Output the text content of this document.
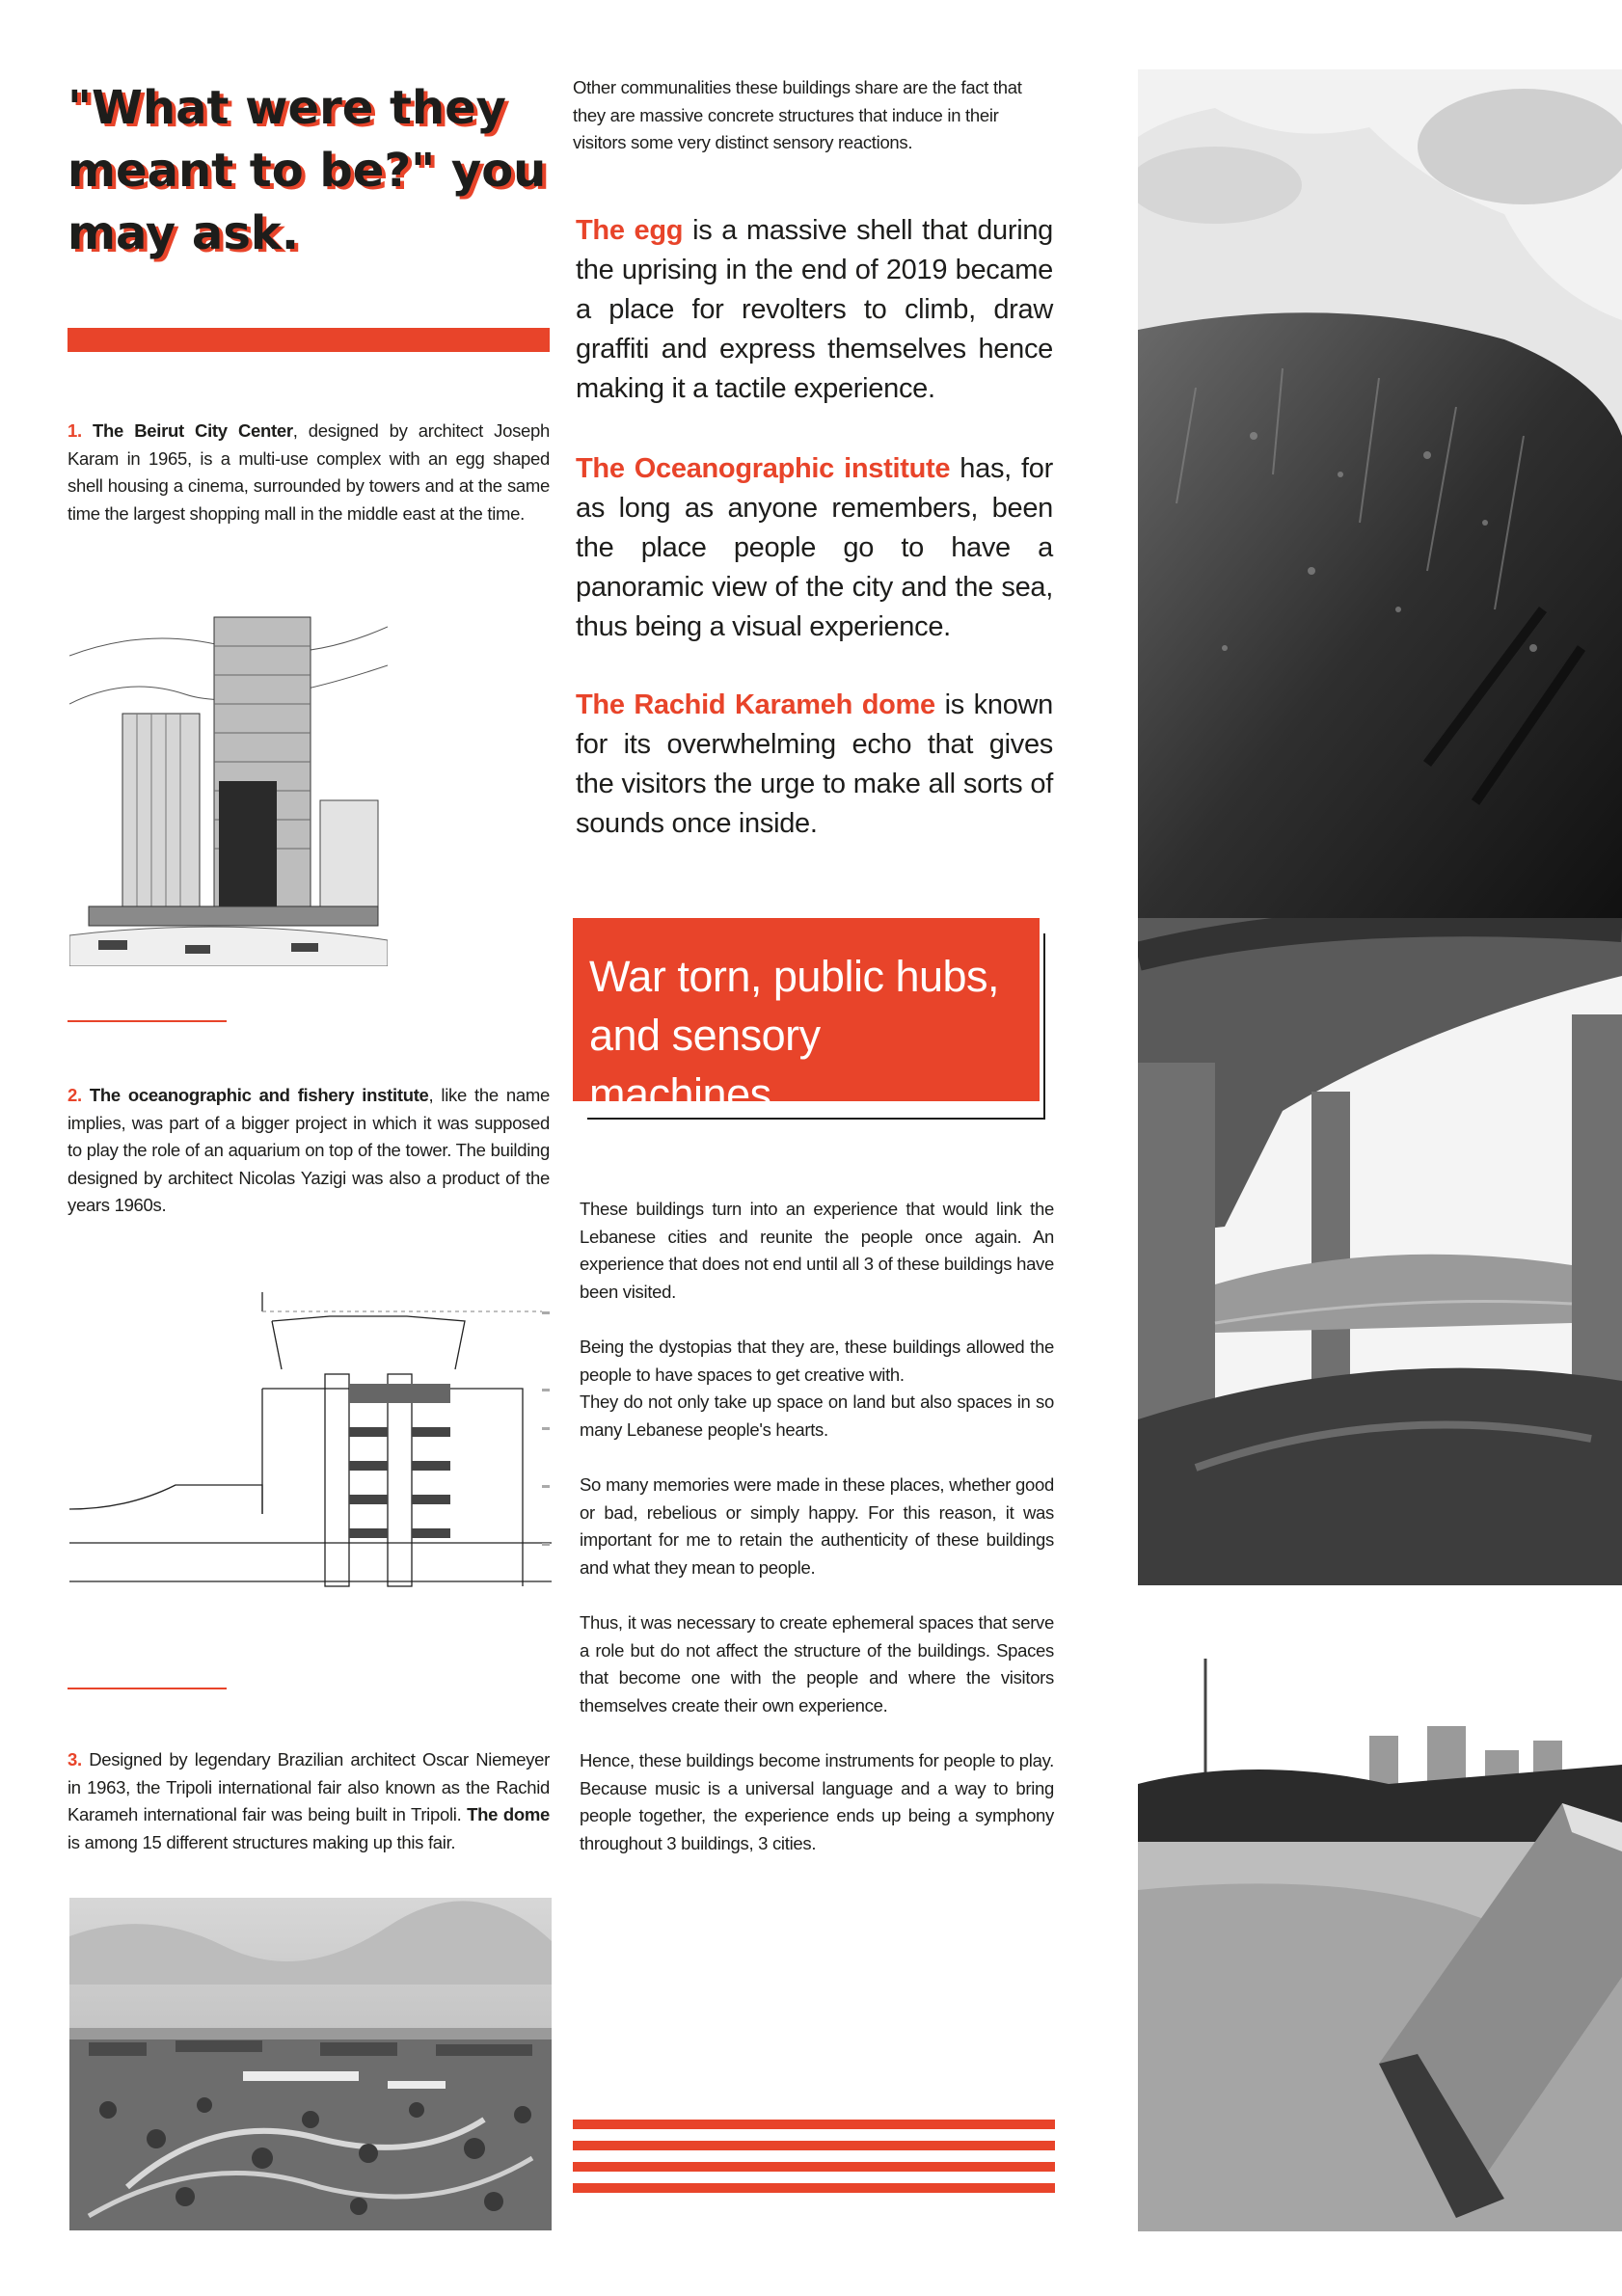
"What were they
meant to be?" you
may ask.
1. The Beirut City Center, designed by architect Joseph Karam in 1965, is a multi-use complex with an egg shaped shell housing a cinema, surrounded by towers and at the same time the largest shopping mall in the middle east at the time.
2. The oceanographic and fishery institute, like the name implies, was part of a bigger project in which it was supposed to play the role of an aquarium on top of the tower. The building designed by architect Nicolas Yazigi was also a product of the years 1960s.
3. Designed by legendary Brazilian architect Oscar Niemeyer in 1963, the Tripoli international fair also known as the Rachid Karameh international fair was being built in Tripoli. The dome is among 15 different structures making up this fair.
Other communalities these buildings share are the fact that they are massive concrete structures that induce in their visitors some very distinct sensory reactions.
The egg is a massive shell that during the uprising in the end of 2019 became a place for revolters to climb, draw graffiti and express themselves hence making it a tactile experience.
The Oceanographic institute has, for as long as anyone remembers, been the place people go to have a panoramic view of the city and the sea, thus being a visual experience.
The Rachid Karameh dome is known for its overwhelming echo that gives the visitors the urge to make all sorts of sounds once inside.
War torn, public hubs,
and sensory machines.

These buildings turn into an experience that would link the Lebanese cities and reunite the people once again. An experience that does not end until all 3 of these buildings have been visited.

Being the dystopias that they are, these buildings allowed the people to have spaces to get creative with.
They do not only take up space on land but also spaces in so many Lebanese people's hearts.

So many memories were made in these places, whether good or bad, rebelious or simply happy. For this reason, it was important for me to retain the authenticity of these buildings and what they mean to people.

Thus, it was necessary to create ephemeral spaces that serve a role but do not affect the structure of the buildings. Spaces that become one with the people and where the visitors themselves create their own experience.

Hence, these buildings become instruments for people to play. Because music is a universal language and a way to bring people together, the experience ends up being a symphony throughout 3 buildings, 3 cities.
